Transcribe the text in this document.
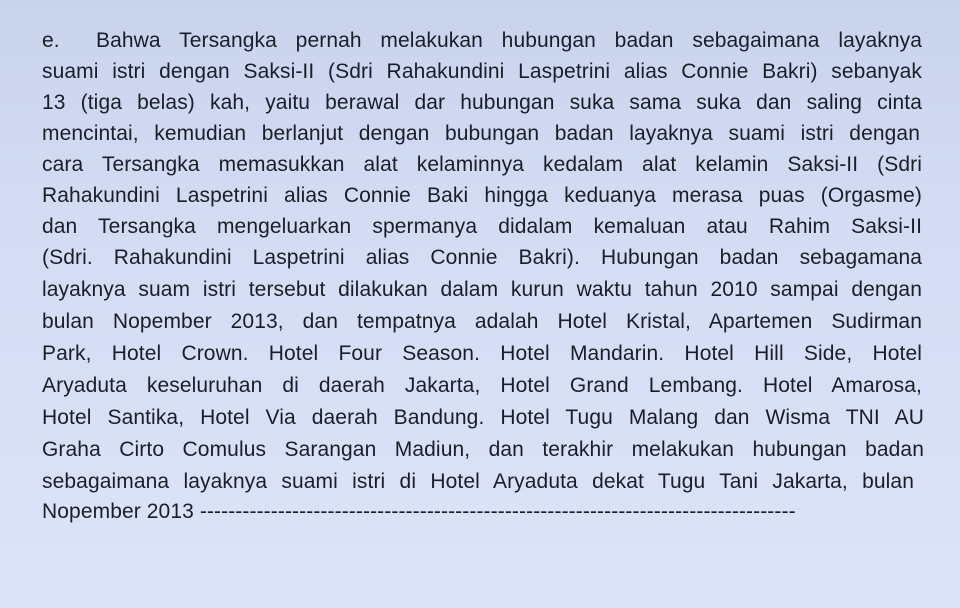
e. Bahwa Tersangka pernah melakukan hubungan badan sebagaimana layaknya
suami istri dengan Saksi-II (Sdri Rahakundini Laspetrini alias Connie Bakri) sebanyak
13 (tiga belas) kah, yaitu berawal dar hubungan suka sama suka dan saling cinta
mencintai, kemudian berlanjut dengan bubungan badan layaknya suami istri dengan
cara Tersangka memasukkan alat kelaminnya kedalam alat kelamin Saksi-II (Sdri
Rahakundini Laspetrini alias Connie Baki hingga keduanya merasa puas (Orgasme)
dan Tersangka mengeluarkan spermanya didalam kemaluan atau Rahim Saksi-II
(Sdri. Rahakundini Laspetrini alias Connie Bakri). Hubungan badan sebagamana
layaknya suam istri tersebut dilakukan dalam kurun waktu tahun 2010 sampai dengan
bulan Nopember 2013, dan tempatnya adalah Hotel Kristal, Apartemen Sudirman
Park, Hotel Crown. Hotel Four Season. Hotel Mandarin. Hotel Hill Side, Hotel
Aryaduta keseluruhan di daerah Jakarta, Hotel Grand Lembang. Hotel Amarosa,
Hotel Santika, Hotel Via daerah Bandung. Hotel Tugu Malang dan Wisma TNI AU
Graha Cirto Comulus Sarangan Madiun, dan terakhir melakukan hubungan badan
sebagaimana layaknya suami istri di Hotel Aryaduta dekat Tugu Tani Jakarta, bulan
Nopember 2013 ------------------------------------------------------------------------------------
